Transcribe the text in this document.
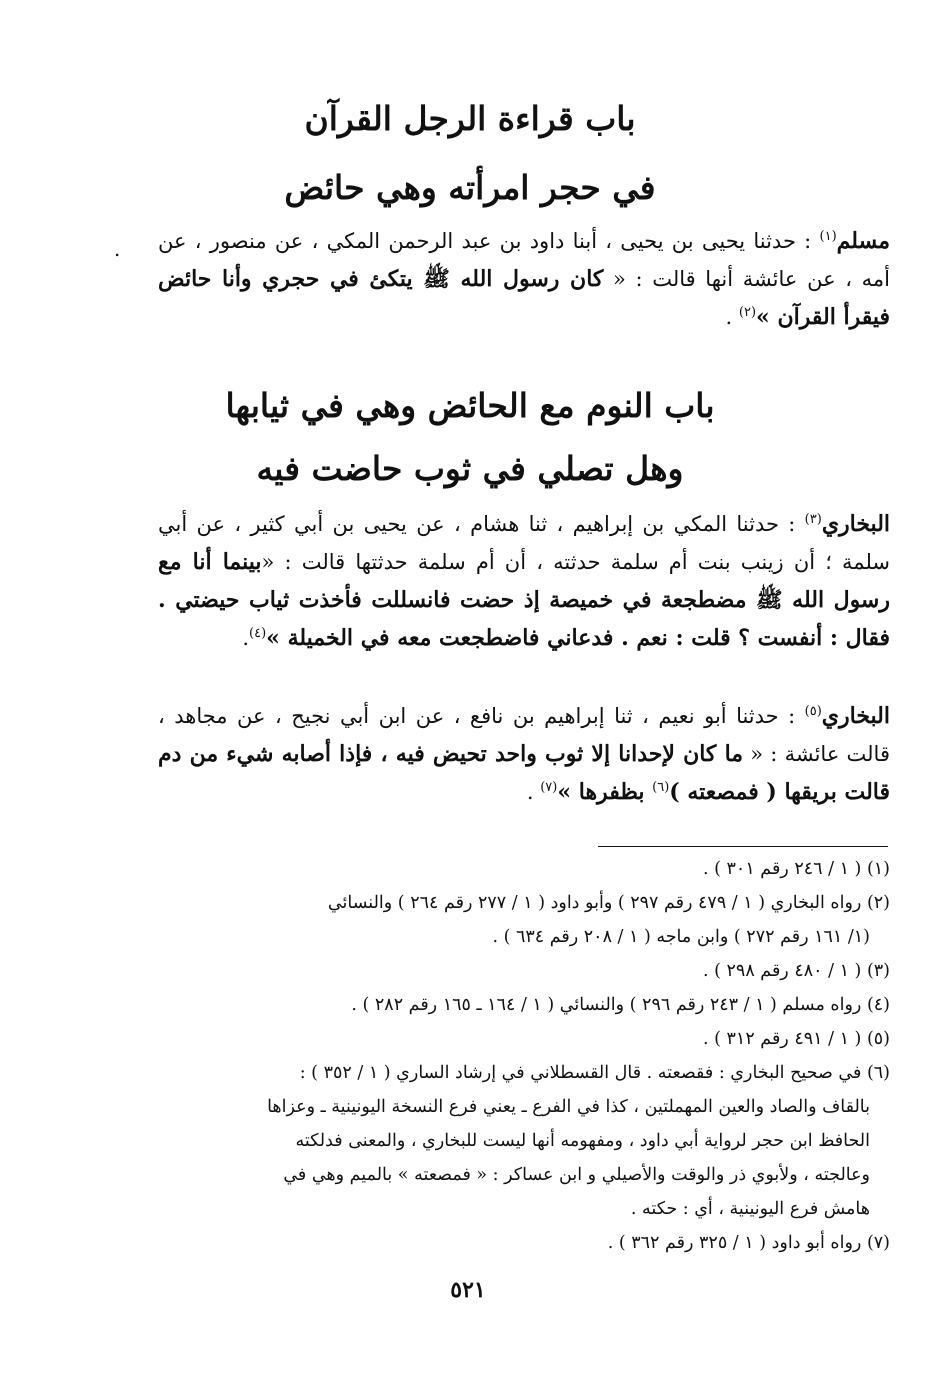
.
باب قراءة الرجل القرآن
في حجر امرأته وهي حائض
مسلم$^{(١)}$ : حدثنا يحيى بن يحيى ، أبنا داود بن عبد الرحمن المكي ، عن منصور ، عن أمه ، عن عائشة أنها قالت : « كان رسول الله ﷺ يتكئ في حجري وأنا حائض فيقرأ القرآن »$^{(٢)}$ .
باب النوم مع الحائض وهي في ثيابها
وهل تصلي في ثوب حاضت فيه
البخاري$^{(٣)}$ : حدثنا المكي بن إبراهيم ، ثنا هشام ، عن يحيى بن أبي كثير ، عن أبي سلمة ؛ أن زينب بنت أم سلمة حدثته ، أن أم سلمة حدثتها قالت : «بينما أنا مع رسول الله ﷺ مضطجعة في خميصة إذ حضت فانسللت فأخذت ثياب حيضتي . فقال : أنفست ؟ قلت : نعم . فدعاني فاضطجعت معه في الخميلة »$^{(٤)}$.
البخاري$^{(٥)}$ : حدثنا أبو نعيم ، ثنا إبراهيم بن نافع ، عن ابن أبي نجيح ، عن مجاهد ، قالت عائشة : « ما كان لإحدانا إلا ثوب واحد تحيض فيه ، فإذا أصابه شيء من دم قالت بريقها ( فمصعته )$^{(٦)}$ بظفرها »$^{(٧)}$ .
(١) ( ١ / ٢٤٦ رقم ٣٠١ ) .
(٢) رواه البخاري ( ١ / ٤٧٩ رقم ٢٩٧ ) وأبو داود ( ١ / ٢٧٧ رقم ٢٦٤ ) والنسائي
(١/ ١٦١ رقم ٢٧٢ ) وابن ماجه ( ١ / ٢٠٨ رقم ٦٣٤ ) .
(٣) ( ١ / ٤٨٠ رقم ٢٩٨ ) .
(٤) رواه مسلم ( ١ / ٢٤٣ رقم ٢٩٦ ) والنسائي ( ١ / ١٦٤ ـ ١٦٥ رقم ٢٨٢ ) .
(٥) ( ١ / ٤٩١ رقم ٣١٢ ) .
(٦) في صحيح البخاري : فقصعته . قال القسطلاني في إرشاد الساري ( ١ / ٣٥٢ ) :
بالقاف والصاد والعين المهملتين ، كذا في الفرع ـ يعني فرع النسخة اليونينية ـ وعزاها
الحافظ ابن حجر لرواية أبي داود ، ومفهومه أنها ليست للبخاري ، والمعنى فدلكته
وعالجته ، ولأبوي ذر والوقت والأصيلي و ابن عساكر : « فمصعته » بالميم وهي في
هامش فرع اليونينية ، أي : حكته .
(٧) رواه أبو داود ( ١ / ٣٢٥ رقم ٣٦٢ ) .
٥٢١
